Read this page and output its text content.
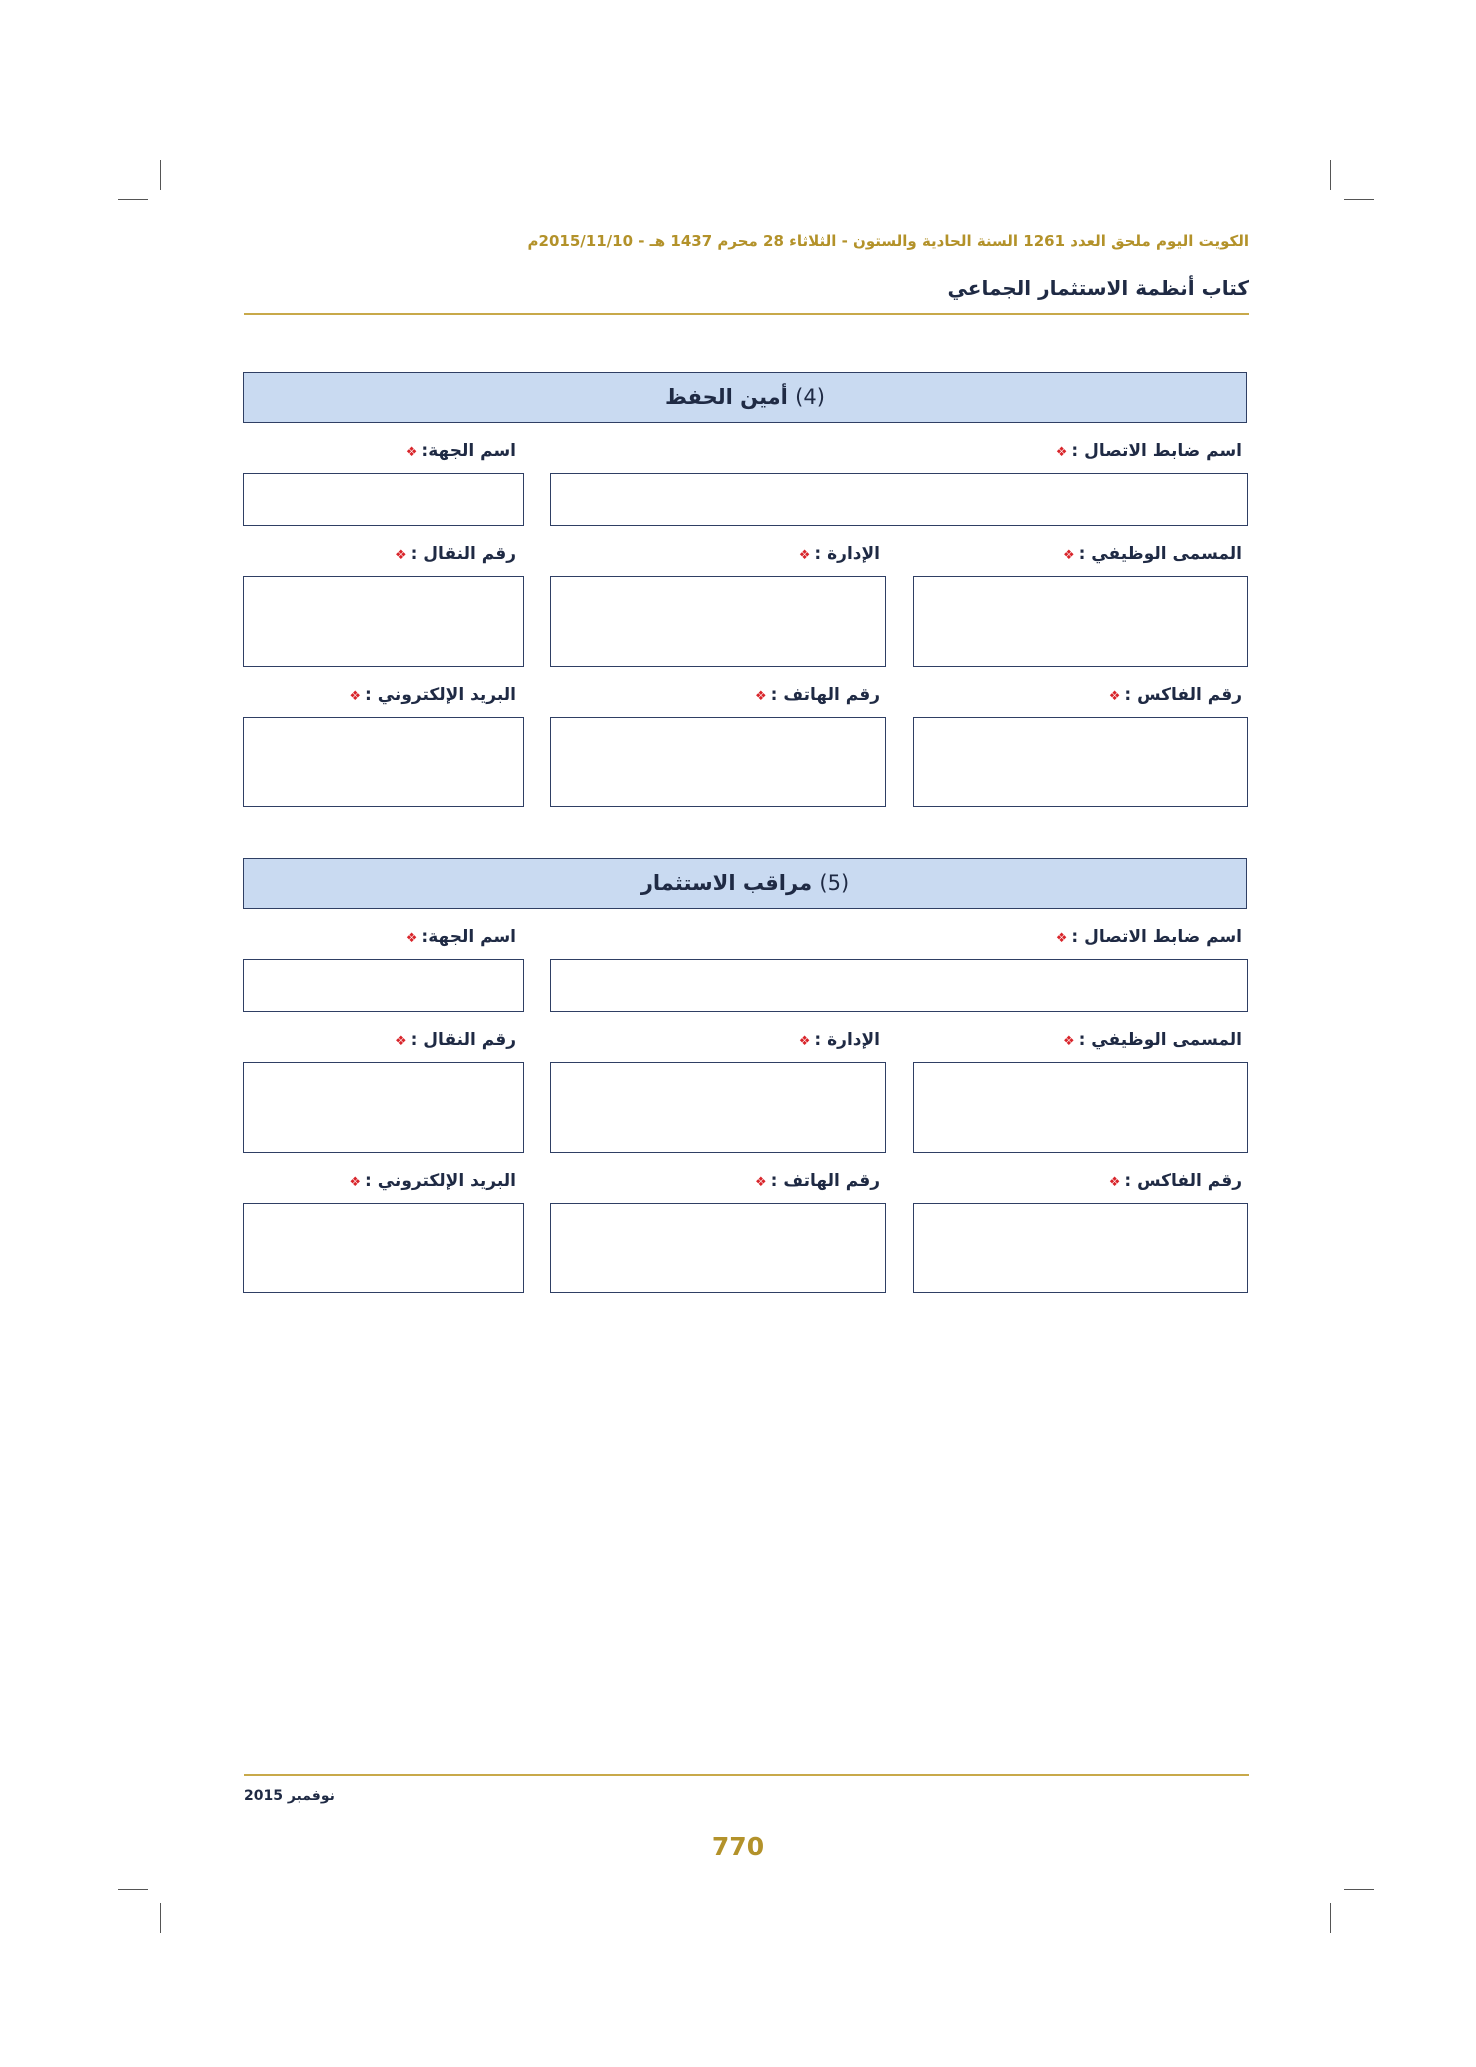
الكويت اليوم ملحق العدد 1261 السنة الحادية والستون - الثلاثاء 28 محرم 1437 هـ - 2015/11/10م
كتاب أنظمة الاستثمار الجماعي
(4) أمين الحفظ
اسم ضابط الاتصال :❖
اسم الجهة:❖
المسمى الوظيفي :❖
الإدارة :❖
رقم النقال :❖
رقم الفاكس :❖
رقم الهاتف :❖
البريد الإلكتروني :❖
(5) مراقب الاستثمار
اسم ضابط الاتصال :❖
اسم الجهة:❖
المسمى الوظيفي :❖
الإدارة :❖
رقم النقال :❖
رقم الفاكس :❖
رقم الهاتف :❖
البريد الإلكتروني :❖
نوفمبر 2015
770
